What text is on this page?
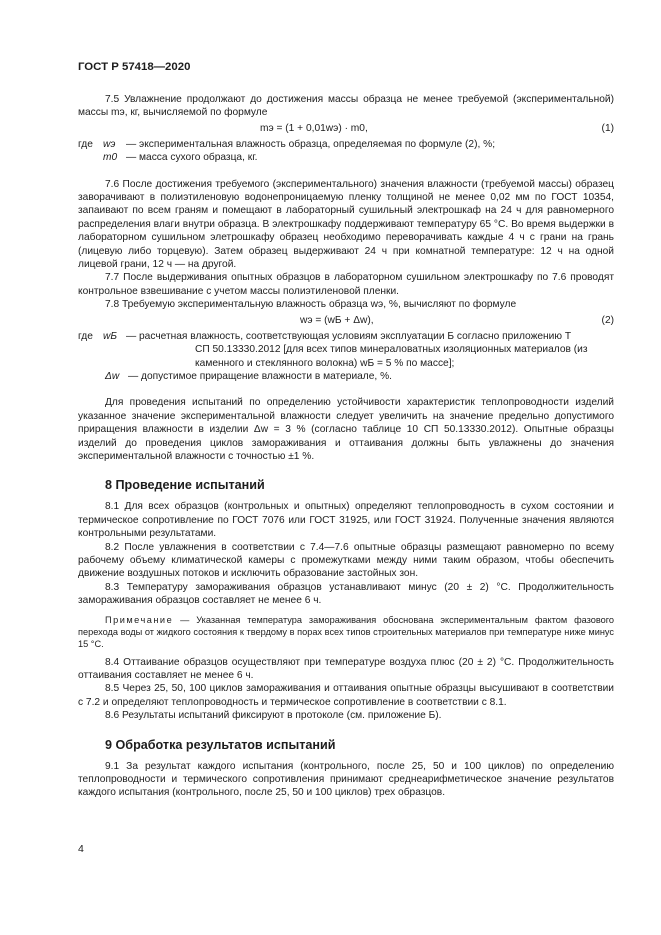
ГОСТ Р 57418—2020

7.5 Увлажнение продолжают до достижения массы образца не менее требуемой (экспериментальной) массы mэ, кг, вычисляемой по формуле

mэ = (1 + 0,01wэ) · m0,	(1)
где wэ	— экспериментальная влажность образца, определяемая по формуле (2), %;
m0 — масса сухого образца, кг.

7.6 После достижения требуемого (экспериментального) значения влажности (требуемой массы) образец заворачивают в полиэтиленовую водонепроницаемую пленку толщиной не менее 0,02 мм по ГОСТ 10354, запаивают по всем граням и помещают в лабораторный сушильный электрошкаф на 24 ч для равномерного распределения влаги внутри образца. В электрошкафу поддерживают температуру 65 °С. Во время выдержки в лабораторном сушильном элетрошкафу образец необходимо переворачивать каждые 4 ч с грани на грань (лицевую либо торцевую). Затем образец выдерживают 24 ч при комнатной температуре: 12 ч на одной лицевой грани, 12 ч — на другой.

7.7 После выдерживания опытных образцов в лабораторном сушильном электрошкафу по 7.6 проводят контрольное взвешивание с учетом массы полиэтиленовой пленки.

7.8 Требуемую экспериментальную влажность образца wэ, %, вычисляют по формуле

wэ = (wБ + Δw),	(2)
где wБ — расчетная влажность, соответствующая условиям эксплуатации Б согласно приложению Т

СП 50.13330.2012 [для всех типов минераловатных изоляционных материалов (из каменного и стеклянного волокна) wБ = 5 % по массе];

Δw — допустимое приращение влажности в материале, %.

Для проведения испытаний по определению устойчивости характеристик теплопроводности изделий указанное значение экспериментальной влажности следует увеличить на значение предельно допустимого приращения влажности в изделии Δw = 3 % (согласно таблице 10 СП 50.13330.2012). Опытные образцы изделий до проведения циклов замораживания и оттаивания должны быть увлажнены до значения экспериментальной влажности с точностью ±1 %.

8 Проведение испытаний

8.1 Для всех образцов (контрольных и опытных) определяют теплопроводность в сухом состоянии и термическое сопротивление по ГОСТ 7076 или ГОСТ 31925, или ГОСТ 31924. Полученные значения являются контрольными результатами.

8.2 После увлажнения в соответствии с 7.4—7.6 опытные образцы размещают равномерно по всему рабочему объему климатической камеры с промежутками между ними таким образом, чтобы обеспечить движение воздушных потоков и исключить образование застойных зон.

8.3 Температуру замораживания образцов устанавливают минус (20 ± 2) °С. Продолжительность замораживания образцов составляет не менее 6 ч.

Примечание — Указанная температура замораживания обоснована экспериментальным фактом фазового перехода воды от жидкого состояния к твердому в порах всех типов строительных материалов при температуре ниже минус 15 °С.

8.4 Оттаивание образцов осуществляют при температуре воздуха плюс (20 ± 2) °С. Продолжительность оттаивания составляет не менее 6 ч.

8.5 Через 25, 50, 100 циклов замораживания и оттаивания опытные образцы высушивают в соответствии с 7.2 и определяют теплопроводность и термическое сопротивление в соответствии с 8.1.

8.6 Результаты испытаний фиксируют в протоколе (см. приложение Б).

9 Обработка результатов испытаний

9.1 За результат каждого испытания (контрольного, после 25, 50 и 100 циклов) по определению теплопроводности и термического сопротивления принимают среднеарифметическое значение результатов каждого испытания (контрольного, после 25, 50 и 100 циклов) трех образцов.

4
